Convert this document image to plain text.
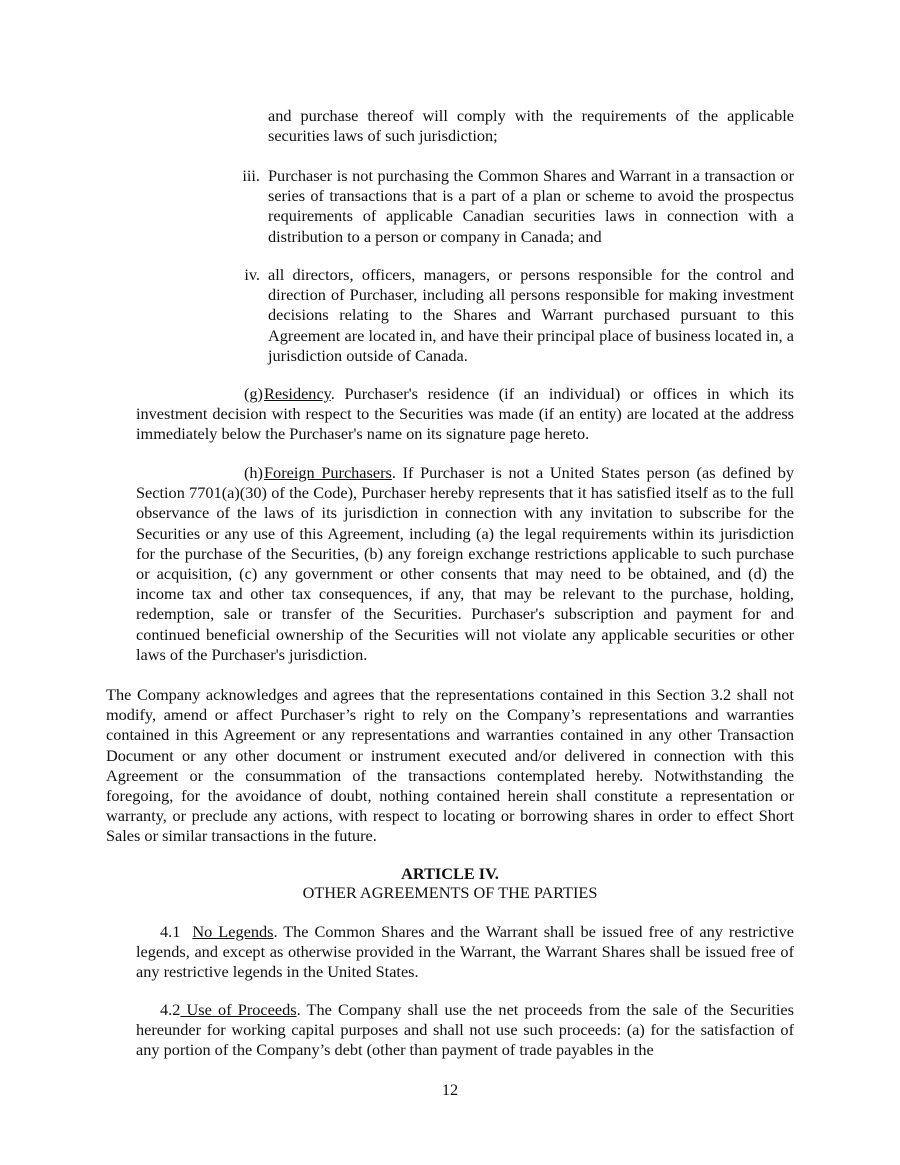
and purchase thereof will comply with the requirements of the applicable securities laws of such jurisdiction;

iii. Purchaser is not purchasing the Common Shares and Warrant in a transaction or series of transactions that is a part of a plan or scheme to avoid the prospectus requirements of applicable Canadian securities laws in connection with a distribution to a person or company in Canada; and

iv. all directors, officers, managers, or persons responsible for the control and direction of Purchaser, including all persons responsible for making investment decisions relating to the Shares and Warrant purchased pursuant to this Agreement are located in, and have their principal place of business located in, a jurisdiction outside of Canada.

(g)Residency. Purchaser's residence (if an individual) or offices in which its investment decision with respect to the Securities was made (if an entity) are located at the address immediately below the Purchaser's name on its signature page hereto.

(h)Foreign Purchasers. If Purchaser is not a United States person (as defined by Section 7701(a)(30) of the Code), Purchaser hereby represents that it has satisfied itself as to the full observance of the laws of its jurisdiction in connection with any invitation to subscribe for the Securities or any use of this Agreement, including (a) the legal requirements within its jurisdiction for the purchase of the Securities, (b) any foreign exchange restrictions applicable to such purchase or acquisition, (c) any government or other consents that may need to be obtained, and (d) the income tax and other tax consequences, if any, that may be relevant to the purchase, holding, redemption, sale or transfer of the Securities. Purchaser's subscription and payment for and continued beneficial ownership of the Securities will not violate any applicable securities or other laws of the Purchaser's jurisdiction.

The Company acknowledges and agrees that the representations contained in this Section 3.2 shall not modify, amend or affect Purchaser’s right to rely on the Company’s representations and warranties contained in this Agreement or any representations and warranties contained in any other Transaction Document or any other document or instrument executed and/or delivered in connection with this Agreement or the consummation of the transactions contemplated hereby. Notwithstanding the foregoing, for the avoidance of doubt, nothing contained herein shall constitute a representation or warranty, or preclude any actions, with respect to locating or borrowing shares in order to effect Short Sales or similar transactions in the future.

ARTICLE IV.
OTHER AGREEMENTS OF THE PARTIES

4.1 No Legends. The Common Shares and the Warrant shall be issued free of any restrictive legends, and except as otherwise provided in the Warrant, the Warrant Shares shall be issued free of any restrictive legends in the United States.

4.2 Use of Proceeds. The Company shall use the net proceeds from the sale of the Securities hereunder for working capital purposes and shall not use such proceeds: (a) for the satisfaction of any portion of the Company’s debt (other than payment of trade payables in the

12
